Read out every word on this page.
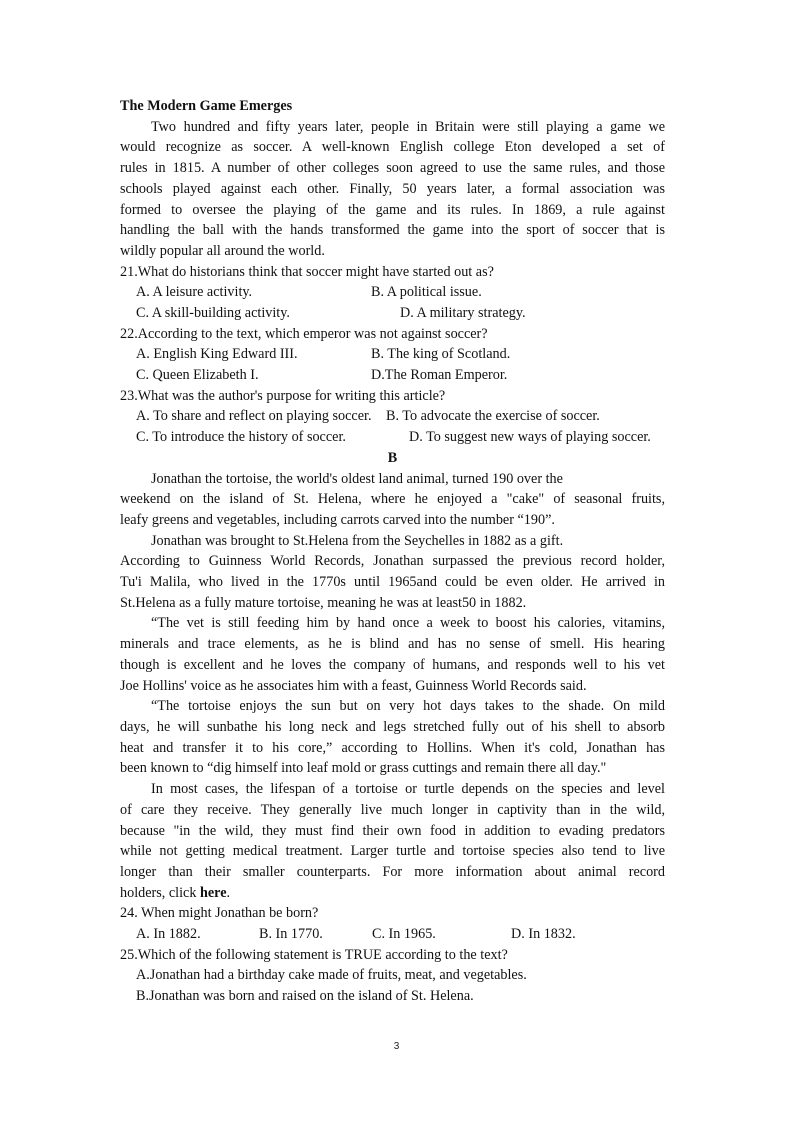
The Modern Game Emerges
Two hundred and fifty years later, people in Britain were still playing a game we
would recognize as soccer. A well-known English college Eton developed a set of
rules in 1815. A number of other colleges soon agreed to use the same rules, and those
schools played against each other. Finally, 50 years later, a formal association was
formed to oversee the playing of the game and its rules. In 1869, a rule against
handling the ball with the hands transformed the game into the sport of soccer that is
wildly popular all around the world.
21.What do historians think that soccer might have started out as?
A. A leisure activity.	B. A political issue.
C. A skill-building activity.	D. A military strategy.
22.According to the text, which emperor was not against soccer?
A. English King Edward III.	B. The king of Scotland.
C. Queen Elizabeth I.	D.The Roman Emperor.
23.What was the author's purpose for writing this article?
A. To share and reflect on playing soccer. B. To advocate the exercise of soccer.
C. To introduce the history of soccer.	D. To suggest new ways of playing soccer.
B
Jonathan the tortoise, the world's oldest land animal, turned 190 over the
weekend on the island of St. Helena, where he enjoyed a "cake" of seasonal fruits,
leafy greens and vegetables, including carrots carved into the number “190”.
Jonathan was brought to St.Helena from the Seychelles in 1882 as a gift.
According to Guinness World Records, Jonathan surpassed the previous record holder,
Tu'i Malila, who lived in the 1770s until 1965and could be even older. He arrived in
St.Helena as a fully mature tortoise, meaning he was at least50 in 1882.
“The vet is still feeding him by hand once a week to boost his calories, vitamins,
minerals and trace elements, as he is blind and has no sense of smell. His hearing
though is excellent and he loves the company of humans, and responds well to his vet
Joe Hollins' voice as he associates him with a feast, Guinness World Records said.
“The tortoise enjoys the sun but on very hot days takes to the shade. On mild
days, he will sunbathe his long neck and legs stretched fully out of his shell to absorb
heat and transfer it to his core,” according to Hollins. When it's cold, Jonathan has
been known to “dig himself into leaf mold or grass cuttings and remain there all day."
In most cases, the lifespan of a tortoise or turtle depends on the species and level
of care they receive. They generally live much longer in captivity than in the wild,
because "in the wild, they must find their own food in addition to evading predators
while not getting medical treatment. Larger turtle and tortoise species also tend to live
longer than their smaller counterparts. For more information about animal record
holders, click here.
24. When might Jonathan be born?
A. In 1882.	B. In 1770.	C. In 1965.	D. In 1832.
25.Which of the following statement is TRUE according to the text?
A.Jonathan had a birthday cake made of fruits, meat, and vegetables.
B.Jonathan was born and raised on the island of St. Helena.
3
